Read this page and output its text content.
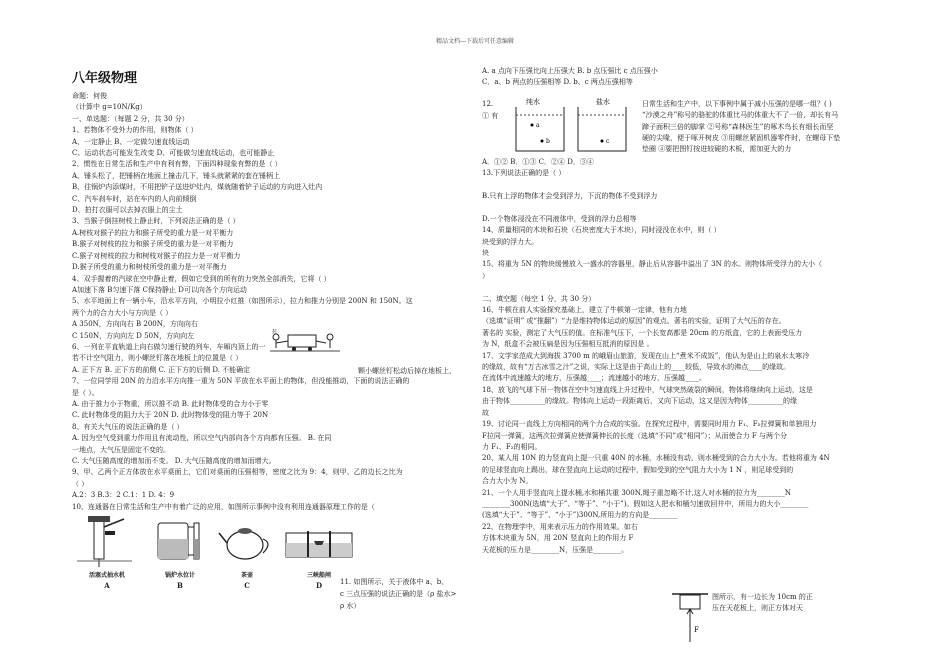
精品文档---下载后可任意编辑
八年级物理
命题：何俊
（计算中 g=10N/Kg）
一、单选题：（每题 2 分，共 30 分）
1、若物体不受外力的作用，则物体（ ）
A、一定静止 B、一定做匀速直线运动
C、运动状态可能发生改变 D、可能做匀速直线运动，也可能静止
2、惯性在日常生活和生产中有利有弊，下面四种现象有弊的是（ ）
A、锤头松了，把锤柄在地面上撞击几下，锤头就紧紧的套在锤柄上
B、往锅炉内添煤时，不用把铲子送进炉灶内，煤就随着铲子运动的方向进入灶内
C、汽车刹车时，站在车内的人向前倾倒
D、拍打衣服可以去掉衣服上的尘土
3、当猴子倒挂树枝上静止时，下列说法正确的是（ ）
A.树枝对猴子的拉力和猴子所受的重力是一对平衡力
B.猴子对树枝的拉力和猴子所受的重力是一对平衡力
C.猴子对树枝的拉力和树枝对猴子的拉力是一对平衡力
D.猴子所受的重力和树枝所受的重力是一对平衡力
4、双手握着的汽球在空中静止着，假如它受到的所有的力突然全部消失，它将（ ）
A加速下落 B匀速下落 C保持静止 D可以向各个方向运动
5、水平地面上有一辆小车，沿水平方向，小明拉小红推（如图所示），拉力和推力分别是 200N 和 150N。这
两个力的合力大小与方向是（ ）
A 350N，方向向右 B 200N，方向向右
C 150N，方向向左 D 50N，方向向左
6、一列在平直轨道上向右做匀速行驶的列车，车厢内顶上的一
若不计空气阻力，则小螺丝钉落在地板上的位置是（ ）
A. 正下方 B. 正下方的前侧 C. 正下方的后侧 D. 不能确定
7、一位同学用 20N 的力沿水平方向推一重为 50N 平放在水平面上的物体，但没能推动，下面的说法正确的
是（ ）。
A. 由于推力小于物重，所以推不动 B. 此时物体受的合力小于零
C. 此时物体受的阻力大于 20N D. 此时物体受的阻力等于 20N
8、有关大气压的说法正确的是（ ）
A. 因为空气受到重力作用且有流动性，所以空气内部向各个方向都有压强。 B. 在同
一地点，大气压是固定不变的。
C. 大气压随高度的增加而不变。 D. 大气压随高度的增加而增大。
9、甲、乙两个正方体放在水平桌面上，它们对桌面的压强相等，密度之比为 9：4，则甲、乙的边长之比为
（ ）
A.2：3 B.3：2 C.1：1 D. 4：9
10、连通器在日常生活和生产中有着广泛的应用，如图所示事例中没有利用连通器原理工作的是（
活塞式抽水机
A
锅炉水位计
B
茶壶
C
三峡船闸
D
拉
颗小螺丝钉松动后掉在地板上，
11. 如图所示，关于液体中 a、b、
c 三点压强的说法正确的是（ρ 盐水>
ρ 水）
A. a 点向下压强比向上压强大 B. b 点压强比 c 点压强小
C．a、b 两点的压强相等 D. b、c 两点压强相等
12.
① 有
纯水	盐水
a
b	c
日常生活和生产中，以下事例中属于减小压强的是哪一组？( )
“沙漠之舟”称号的骆驼的体重比马的体重大不了一倍，却长有马
蹄子面积三倍的脚掌 ②号称“森林医生”的啄木鸟长有细长而坚
硬的尖喙，便于啄开树皮 ③用螺丝紧固机器零件时，在螺母下垫
垫圈 ④要把图钉按进较硬的木板，需加更大的力
A．①② B．①③ C．②④ D．③④
13.下列说法正确的是（ ）
B.只有上浮的物体才会受到浮力，下沉的物体不受到浮力
D.一个物体浸没在不同液体中，受到的浮力总相等
14、质量相同的木块和石块（石块密度大于木块），同时浸没在水中，则（ ）
块受到的浮力大。
块
15、将重为 5N 的物块缓慢放入一盛水的容器里，静止后从容器中溢出了 3N 的水。则物体所受浮力的大小（
）
二、填空题（每空 1 分，共 30 分）
16、牛顿在前人实验探究基础上，建立了牛顿第一定律，他有力地
（选填“证明” 或“推翻”）“力是维持物体运动的原因”的观点。著名的实验，证明了大气压的存在。
著名的 实验，测定了大气压的值。在标准气压下，一个长宽高都是 20cm 的方纸盒，它的上表面受压力
为 N，纸盒不会被压扁是因为压强相互抵消的原因是 。
17、文学家范成大到海拔 3700 m 的峨眉山旅游，发现在山上“煮米不成饭”，他认为是山上的泉水太寒冷
的缘故，故有“万古冰雪之汁”之说，实际上这是由于高山上的____较低，导致水的沸点____的缘故。
在流体中流速越大的地方，压强越____；流速越小的地方，压强越____。
18、放飞的气球下吊一物体在空中匀速直线上升过程中，气球突然破裂的瞬间，物体将继续向上运动，这是
由于物体__________的缘故。物体向上运动一段距离后，又向下运动，这又是因为物体__________的缘
故
19、讨论同一直线上方向相同的两个力合成的实验。在探究过程中，需要同时用力 F₁、F₂拉弹簧和单独用力
F拉同一弹簧，这两次拉弹簧应使弹簧伸长的长度（选填“不同”或“相同”）；从而使合力 F 与两个分
力 F₁、F₂的相同。
20、某人用 10N 的力竖直向上提一只重 40N 的水桶，水桶没有动，则水桶受到的合力大小为。若他将重为 4N
的足球竖直向上踢出，球在竖直向上运动的过程中，假如受到的空气阻力大小为 1 N ，则足球受到的
合力大小为 N。
21、一个人用手竖直向上提水桶,水和桶共重 300N,绳子重忽略不计,这人对水桶的拉力为________N
________300N(选填“大于”、“等于”、“小于”)。假如这人把水和桶匀速放回井中，所用力的大小________
(选填“大于”、“等于”、“小于”)300N,所用力的方向是________
22、在物理学中，用来表示压力的作用效果。如右
方体木块重为 5N，用 20N 竖直向上的作用力 F
天花板的压力是________N，压强是________。
图所示，有一边长为 10cm 的正
压在天花板上，则正方体对天
F
